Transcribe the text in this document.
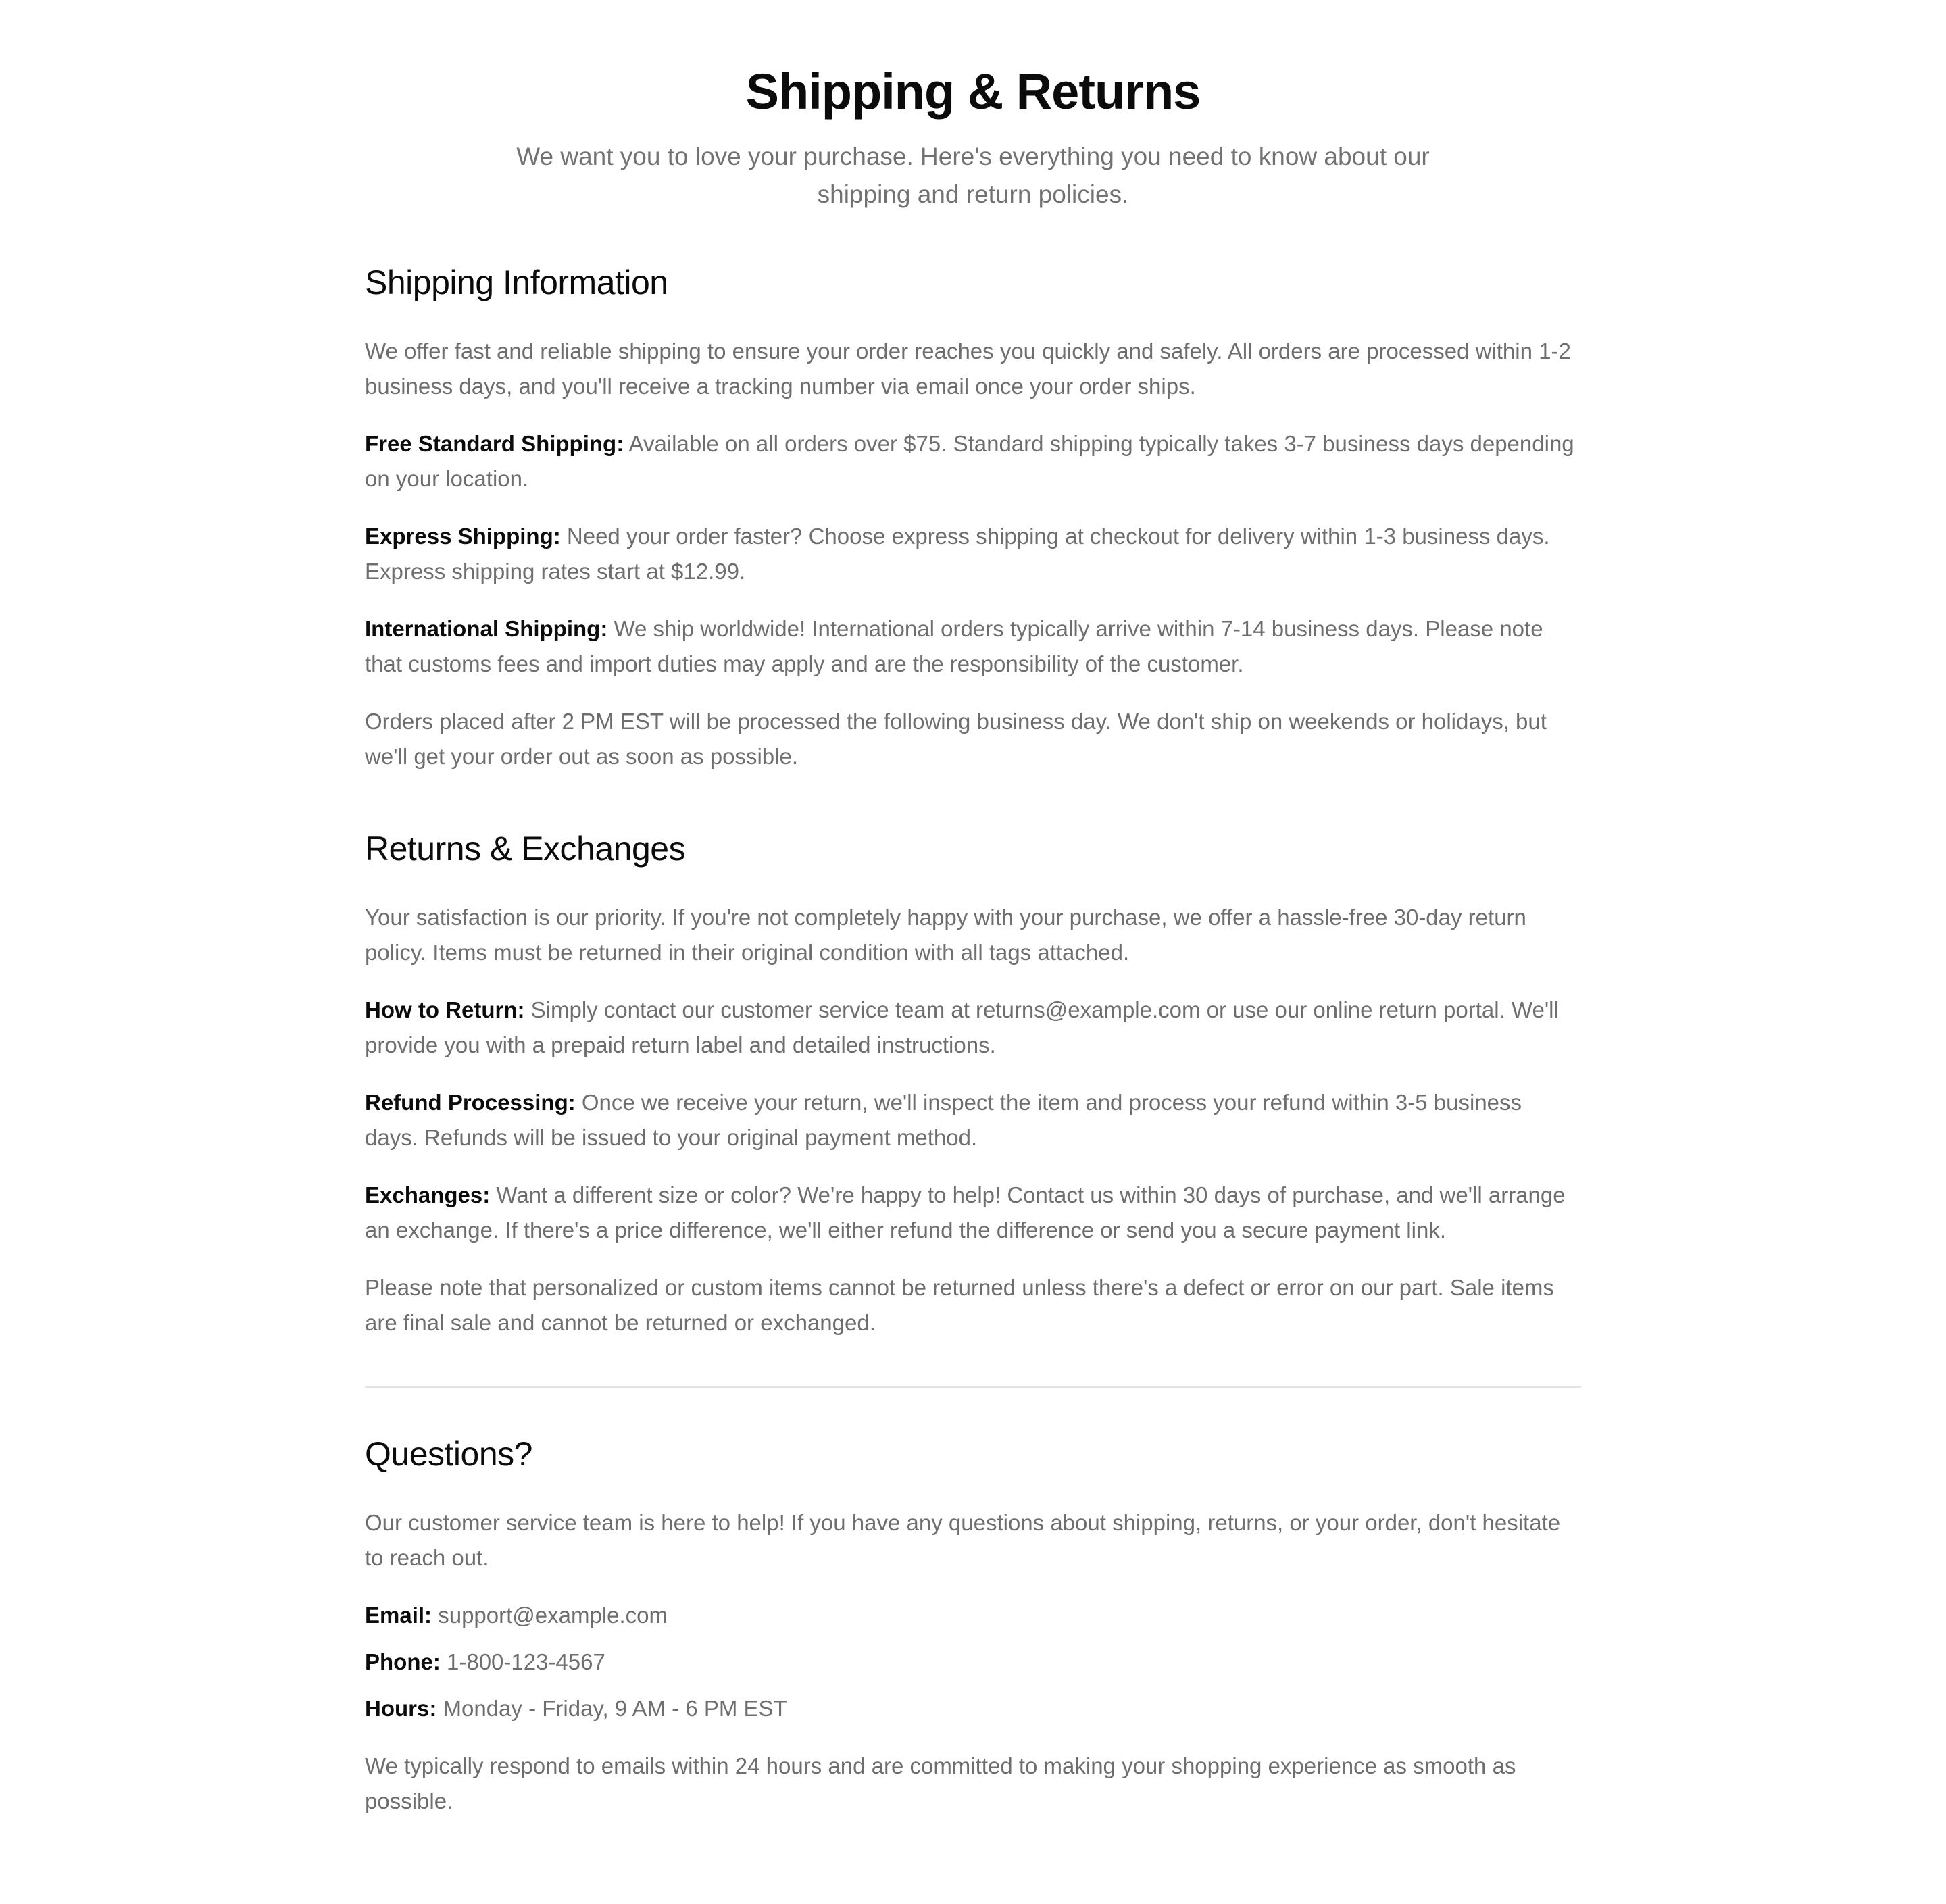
Shipping & Returns

We want you to love your purchase. Here's everything you need to know about our shipping and return policies.

Shipping Information

We offer fast and reliable shipping to ensure your order reaches you quickly and safely. All orders are processed within 1-2 business days, and you'll receive a tracking number via email once your order ships.

Free Standard Shipping: Available on all orders over $75. Standard shipping typically takes 3-7 business days depending on your location.

Express Shipping: Need your order faster? Choose express shipping at checkout for delivery within 1-3 business days. Express shipping rates start at $12.99.

International Shipping: We ship worldwide! International orders typically arrive within 7-14 business days. Please note that customs fees and import duties may apply and are the responsibility of the customer.

Orders placed after 2 PM EST will be processed the following business day. We don't ship on weekends or holidays, but we'll get your order out as soon as possible.

Returns & Exchanges

Your satisfaction is our priority. If you're not completely happy with your purchase, we offer a hassle-free 30-day return policy. Items must be returned in their original condition with all tags attached.

How to Return: Simply contact our customer service team at returns@example.com or use our online return portal. We'll provide you with a prepaid return label and detailed instructions.

Refund Processing: Once we receive your return, we'll inspect the item and process your refund within 3-5 business days. Refunds will be issued to your original payment method.

Exchanges: Want a different size or color? We're happy to help! Contact us within 30 days of purchase, and we'll arrange an exchange. If there's a price difference, we'll either refund the difference or send you a secure payment link.

Please note that personalized or custom items cannot be returned unless there's a defect or error on our part. Sale items are final sale and cannot be returned or exchanged.

Questions?

Our customer service team is here to help! If you have any questions about shipping, returns, or your order, don't hesitate to reach out.

Email: support@example.com

Phone: 1-800-123-4567

Hours: Monday - Friday, 9 AM - 6 PM EST

We typically respond to emails within 24 hours and are committed to making your shopping experience as smooth as possible.
